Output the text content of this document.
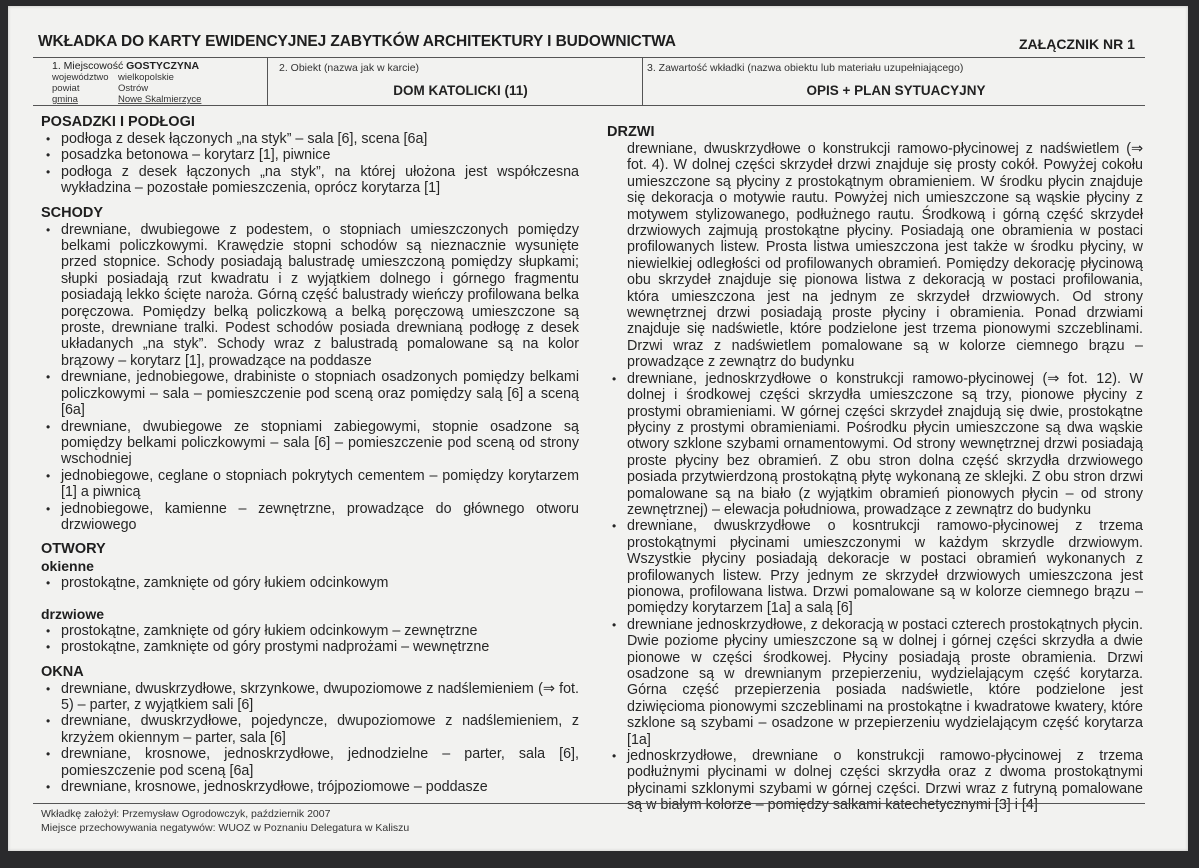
WKŁADKA DO KARTY EWIDENCYJNEJ ZABYTKÓW ARCHITEKTURY I BUDOWNICTWA	ZAŁĄCZNIK NR 1
1. Miejscowość GOSTYCZYNA
województwo	wielkopolskie
powiat	Ostrów
gmina	Nowe Skalmierzyce
2. Obiekt (nazwa jak w karcie)
DOM KATOLICKI (11)
3. Zawartość wkładki (nazwa obiektu lub materiału uzupełniającego)
OPIS + PLAN SYTUACYJNY
POSADZKI I PODŁOGI
• podłoga z desek łączonych „na styk” – sala [6], scena [6a]
• posadzka betonowa – korytarz [1], piwnice
• podłoga z desek łączonych „na styk”, na której ułożona jest współczesna wykładzina – pozostałe pomieszczenia, oprócz korytarza [1]
SCHODY
• drewniane, dwubiegowe z podestem, o stopniach umieszczonych pomiędzy belkami policzkowymi. Krawędzie stopni schodów są nieznacznie wysunięte przed stopnice. Schody posiadają balustradę umieszczoną pomiędzy słupkami; słupki posiadają rzut kwadratu i z wyjątkiem dolnego i górnego fragmentu posiadają lekko ścięte naroża. Górną część balustrady wieńczy profilowana belka poręczowa. Pomiędzy belką policzkową a belką poręczową umieszczone są proste, drewniane tralki. Podest schodów posiada drewnianą podłogę z desek układanych „na styk”. Schody wraz z balustradą pomalowane są na kolor brązowy – korytarz [1], prowadzące na poddasze
• drewniane, jednobiegowe, drabiniste o stopniach osadzonych pomiędzy belkami policzkowymi – sala – pomieszczenie pod sceną oraz pomiędzy salą [6] a sceną [6a]
• drewniane, dwubiegowe ze stopniami zabiegowymi, stopnie osadzone są pomiędzy belkami policzkowymi – sala [6] – pomieszczenie pod sceną od strony wschodniej
• jednobiegowe, ceglane o stopniach pokrytych cementem – pomiędzy korytarzem [1] a piwnicą
• jednobiegowe, kamienne – zewnętrzne, prowadzące do głównego otworu drzwiowego
OTWORY
okienne
• prostokątne, zamknięte od góry łukiem odcinkowym
drzwiowe
• prostokątne, zamknięte od góry łukiem odcinkowym – zewnętrzne
• prostokątne, zamknięte od góry prostymi nadprożami – wewnętrzne
OKNA
• drewniane, dwuskrzydłowe, skrzynkowe, dwupoziomowe z nadślemieniem (⇒ fot. 5) – parter, z wyjątkiem sali [6]
• drewniane, dwuskrzydłowe, pojedyncze, dwupoziomowe z nadślemieniem, z krzyżem okiennym – parter, sala [6]
• drewniane, krosnowe, jednoskrzydłowe, jednodzielne – parter, sala [6], pomieszczenie pod sceną [6a]
• drewniane, krosnowe, jednoskrzydłowe, trójpoziomowe – poddasze
DRZWI
drewniane, dwuskrzydłowe o konstrukcji ramowo-płycinowej z nadświetlem (⇒ fot. 4). W dolnej części skrzydeł drzwi znajduje się prosty cokół. Powyżej cokołu umieszczone są płyciny z prostokątnym obramieniem. W środku płycin znajduje się dekoracja o motywie rautu. Powyżej nich umieszczone są wąskie płyciny z motywem stylizowanego, podłużnego rautu. Środkową i górną część skrzydeł drzwiowych zajmują prostokątne płyciny. Posiadają one obramienia w postaci profilowanych listew. Prosta listwa umieszczona jest także w środku płyciny, w niewielkiej odległości od profilowanych obramień. Pomiędzy dekorację płycinową obu skrzydeł znajduje się pionowa listwa z dekoracją w postaci profilowania, która umieszczona jest na jednym ze skrzydeł drzwiowych. Od strony wewnętrznej drzwi posiadają proste płyciny i obramienia. Ponad drzwiami znajduje się nadświetle, które podzielone jest trzema pionowymi szczeblinami. Drzwi wraz z nadświetlem pomalowane są w kolorze ciemnego brązu – prowadzące z zewnątrz do budynku
• drewniane, jednoskrzydłowe o konstrukcji ramowo-płycinowej (⇒ fot. 12). W dolnej i środkowej części skrzydła umieszczone są trzy, pionowe płyciny z prostymi obramieniami. W górnej części skrzydeł znajdują się dwie, prostokątne płyciny z prostymi obramieniami. Pośrodku płycin umieszczone są dwa wąskie otwory szklone szybami ornamentowymi. Od strony wewnętrznej drzwi posiadają proste płyciny bez obramień. Z obu stron dolna część skrzydła drzwiowego posiada przytwierdzoną prostokątną płytę wykonaną ze sklejki. Z obu stron drzwi pomalowane są na biało (z wyjątkim obramień pionowych płycin – od strony zewnętrznej) – elewacja południowa, prowadzące z zewnątrz do budynku
• drewniane, dwuskrzydłowe o kosntrukcji ramowo-płycinowej z trzema prostokątnymi płycinami umieszczonymi w każdym skrzydle drzwiowym. Wszystkie płyciny posiadają dekoracje w postaci obramień wykonanych z profilowanych listew. Przy jednym ze skrzydeł drzwiowych umieszczona jest pionowa, profilowana listwa. Drzwi pomalowane są w kolorze ciemnego brązu – pomiędzy korytarzem [1a] a salą [6]
• drewniane jednoskrzydłowe, z dekoracją w postaci czterech prostokątnych płycin. Dwie poziome płyciny umieszczone są w dolnej i górnej części skrzydła a dwie pionowe w części środkowej. Płyciny posiadają proste obramienia. Drzwi osadzone są w drewnianym przepierzeniu, wydzielającym część korytarza. Górna część przepierzenia posiada nadświetle, które podzielone jest dziwięcioma pionowymi szczeblinami na prostokątne i kwadratowe kwatery, które szklone są szybami – osadzone w przepierzeniu wydzielającym część korytarza [1a]
• jednoskrzydłowe, drewniane o konstrukcji ramowo-płycinowej z trzema podłużnymi płycinami w dolnej części skrzydła oraz z dwoma prostokątnymi płycinami szklonymi szybami w górnej części. Drzwi wraz z futryną pomalowane są w białym kolorze – pomiędzy salkami katechetycznymi [3] i [4]
Wkładkę założył: Przemysław Ogrodowczyk, październik 2007
Miejsce przechowywania negatywów: WUOZ w Poznaniu Delegatura w Kaliszu
